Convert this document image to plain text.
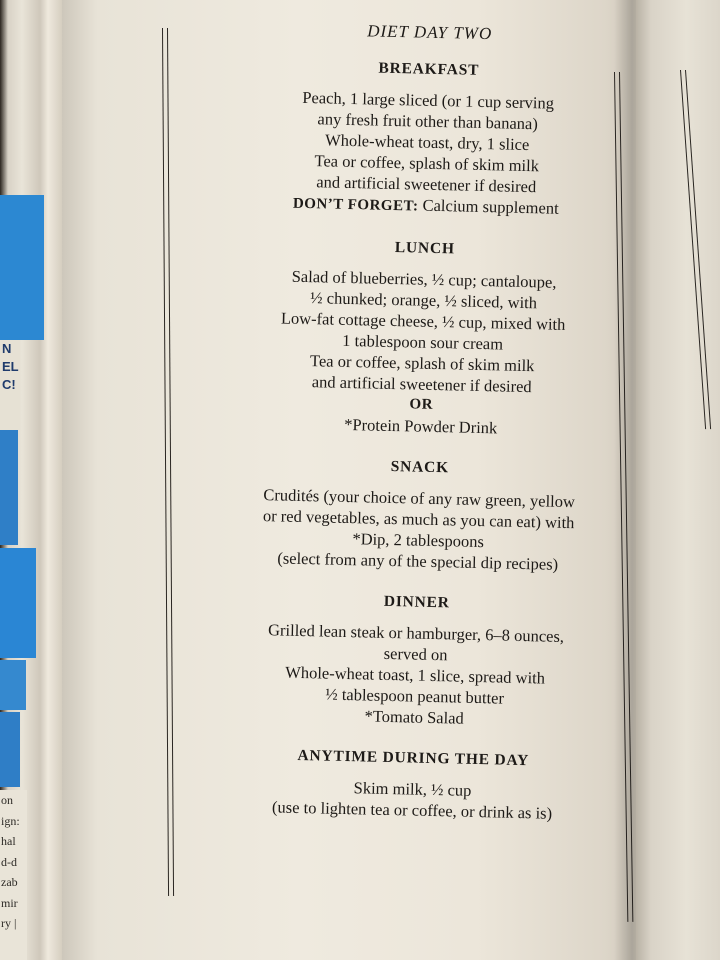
N
EL
C!
on
ign:
hal
d-d
zab
mir
ry |
DIET DAY TWO
BREAKFAST
Peach, 1 large sliced (or 1 cup serving
any fresh fruit other than banana)
Whole-wheat toast, dry, 1 slice
Tea or coffee, splash of skim milk
and artificial sweetener if desired
DON’T FORGET: Calcium supplement
LUNCH
Salad of blueberries, ½ cup; cantaloupe,
½ chunked; orange, ½ sliced, with
Low-fat cottage cheese, ½ cup, mixed with
1 tablespoon sour cream
Tea or coffee, splash of skim milk
and artificial sweetener if desired
OR
*Protein Powder Drink
SNACK
Crudités (your choice of any raw green, yellow
or red vegetables, as much as you can eat) with
*Dip, 2 tablespoons
(select from any of the special dip recipes)
DINNER
Grilled lean steak or hamburger, 6–8 ounces,
served on
Whole-wheat toast, 1 slice, spread with
½ tablespoon peanut butter
*Tomato Salad
ANYTIME DURING THE DAY
Skim milk, ½ cup
(use to lighten tea or coffee, or drink as is)
